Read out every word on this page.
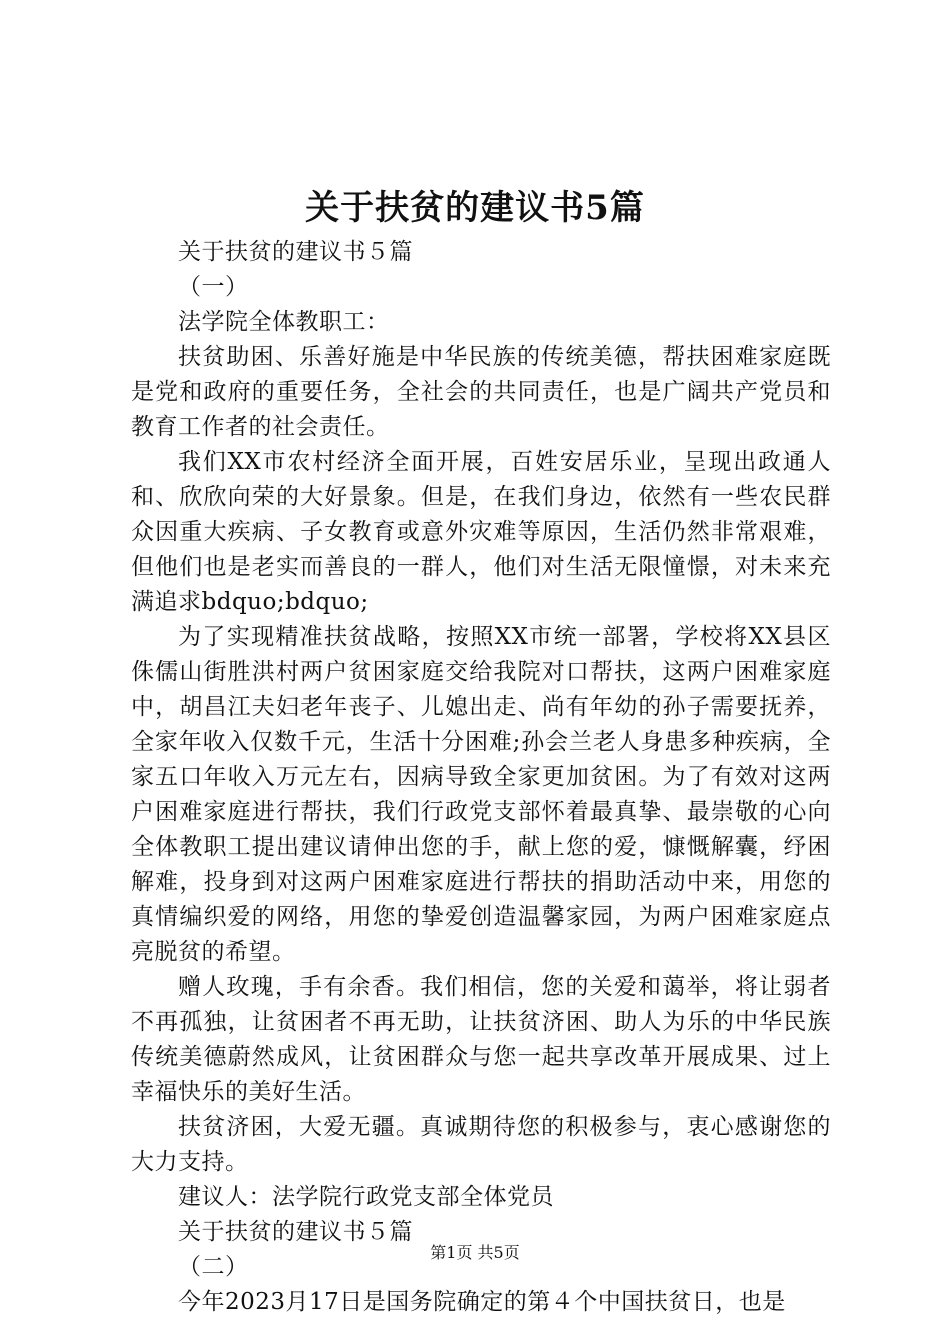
关于扶贫的建议书5篇

关于扶贫的建议书５篇

（一）

法学院全体教职工：

扶贫助困、乐善好施是中华民族的传统美德，帮扶困难家庭既是党和政府的重要任务，全社会的共同责任，也是广阔共产党员和教育工作者的社会责任。

我们XX市农村经济全面开展，百姓安居乐业，呈现出政通人和、欣欣向荣的大好景象。但是，在我们身边，依然有一些农民群众因重大疾病、子女教育或意外灾难等原因，生活仍然非常艰难，但他们也是老实而善良的一群人，他们对生活无限憧憬，对未来充满追求bdquo;bdquo;

为了实现精准扶贫战略，按照XX市统一部署，学校将XX县区侏儒山街胜洪村两户贫困家庭交给我院对口帮扶，这两户困难家庭中，胡昌江夫妇老年丧子、儿媳出走、尚有年幼的孙子需要抚养，全家年收入仅数千元，生活十分困难;孙会兰老人身患多种疾病，全家五口年收入万元左右，因病导致全家更加贫困。为了有效对这两户困难家庭进行帮扶，我们行政党支部怀着最真挚、最崇敬的心向全体教职工提出建议请伸出您的手，献上您的爱，慷慨解囊，纾困解难，投身到对这两户困难家庭进行帮扶的捐助活动中来，用您的真情编织爱的网络，用您的挚爱创造温馨家园，为两户困难家庭点亮脱贫的希望。

赠人玫瑰，手有余香。我们相信，您的关爱和蔼举，将让弱者不再孤独，让贫困者不再无助，让扶贫济困、助人为乐的中华民族传统美德蔚然成风，让贫困群众与您一起共享改革开展成果、过上幸福快乐的美好生活。

扶贫济困，大爱无疆。真诚期待您的积极参与，衷心感谢您的大力支持。

建议人：法学院行政党支部全体党员

关于扶贫的建议书５篇

（二）

今年2023月17日是国务院确定的第４个中国扶贫日，也是

第1页 共5页
